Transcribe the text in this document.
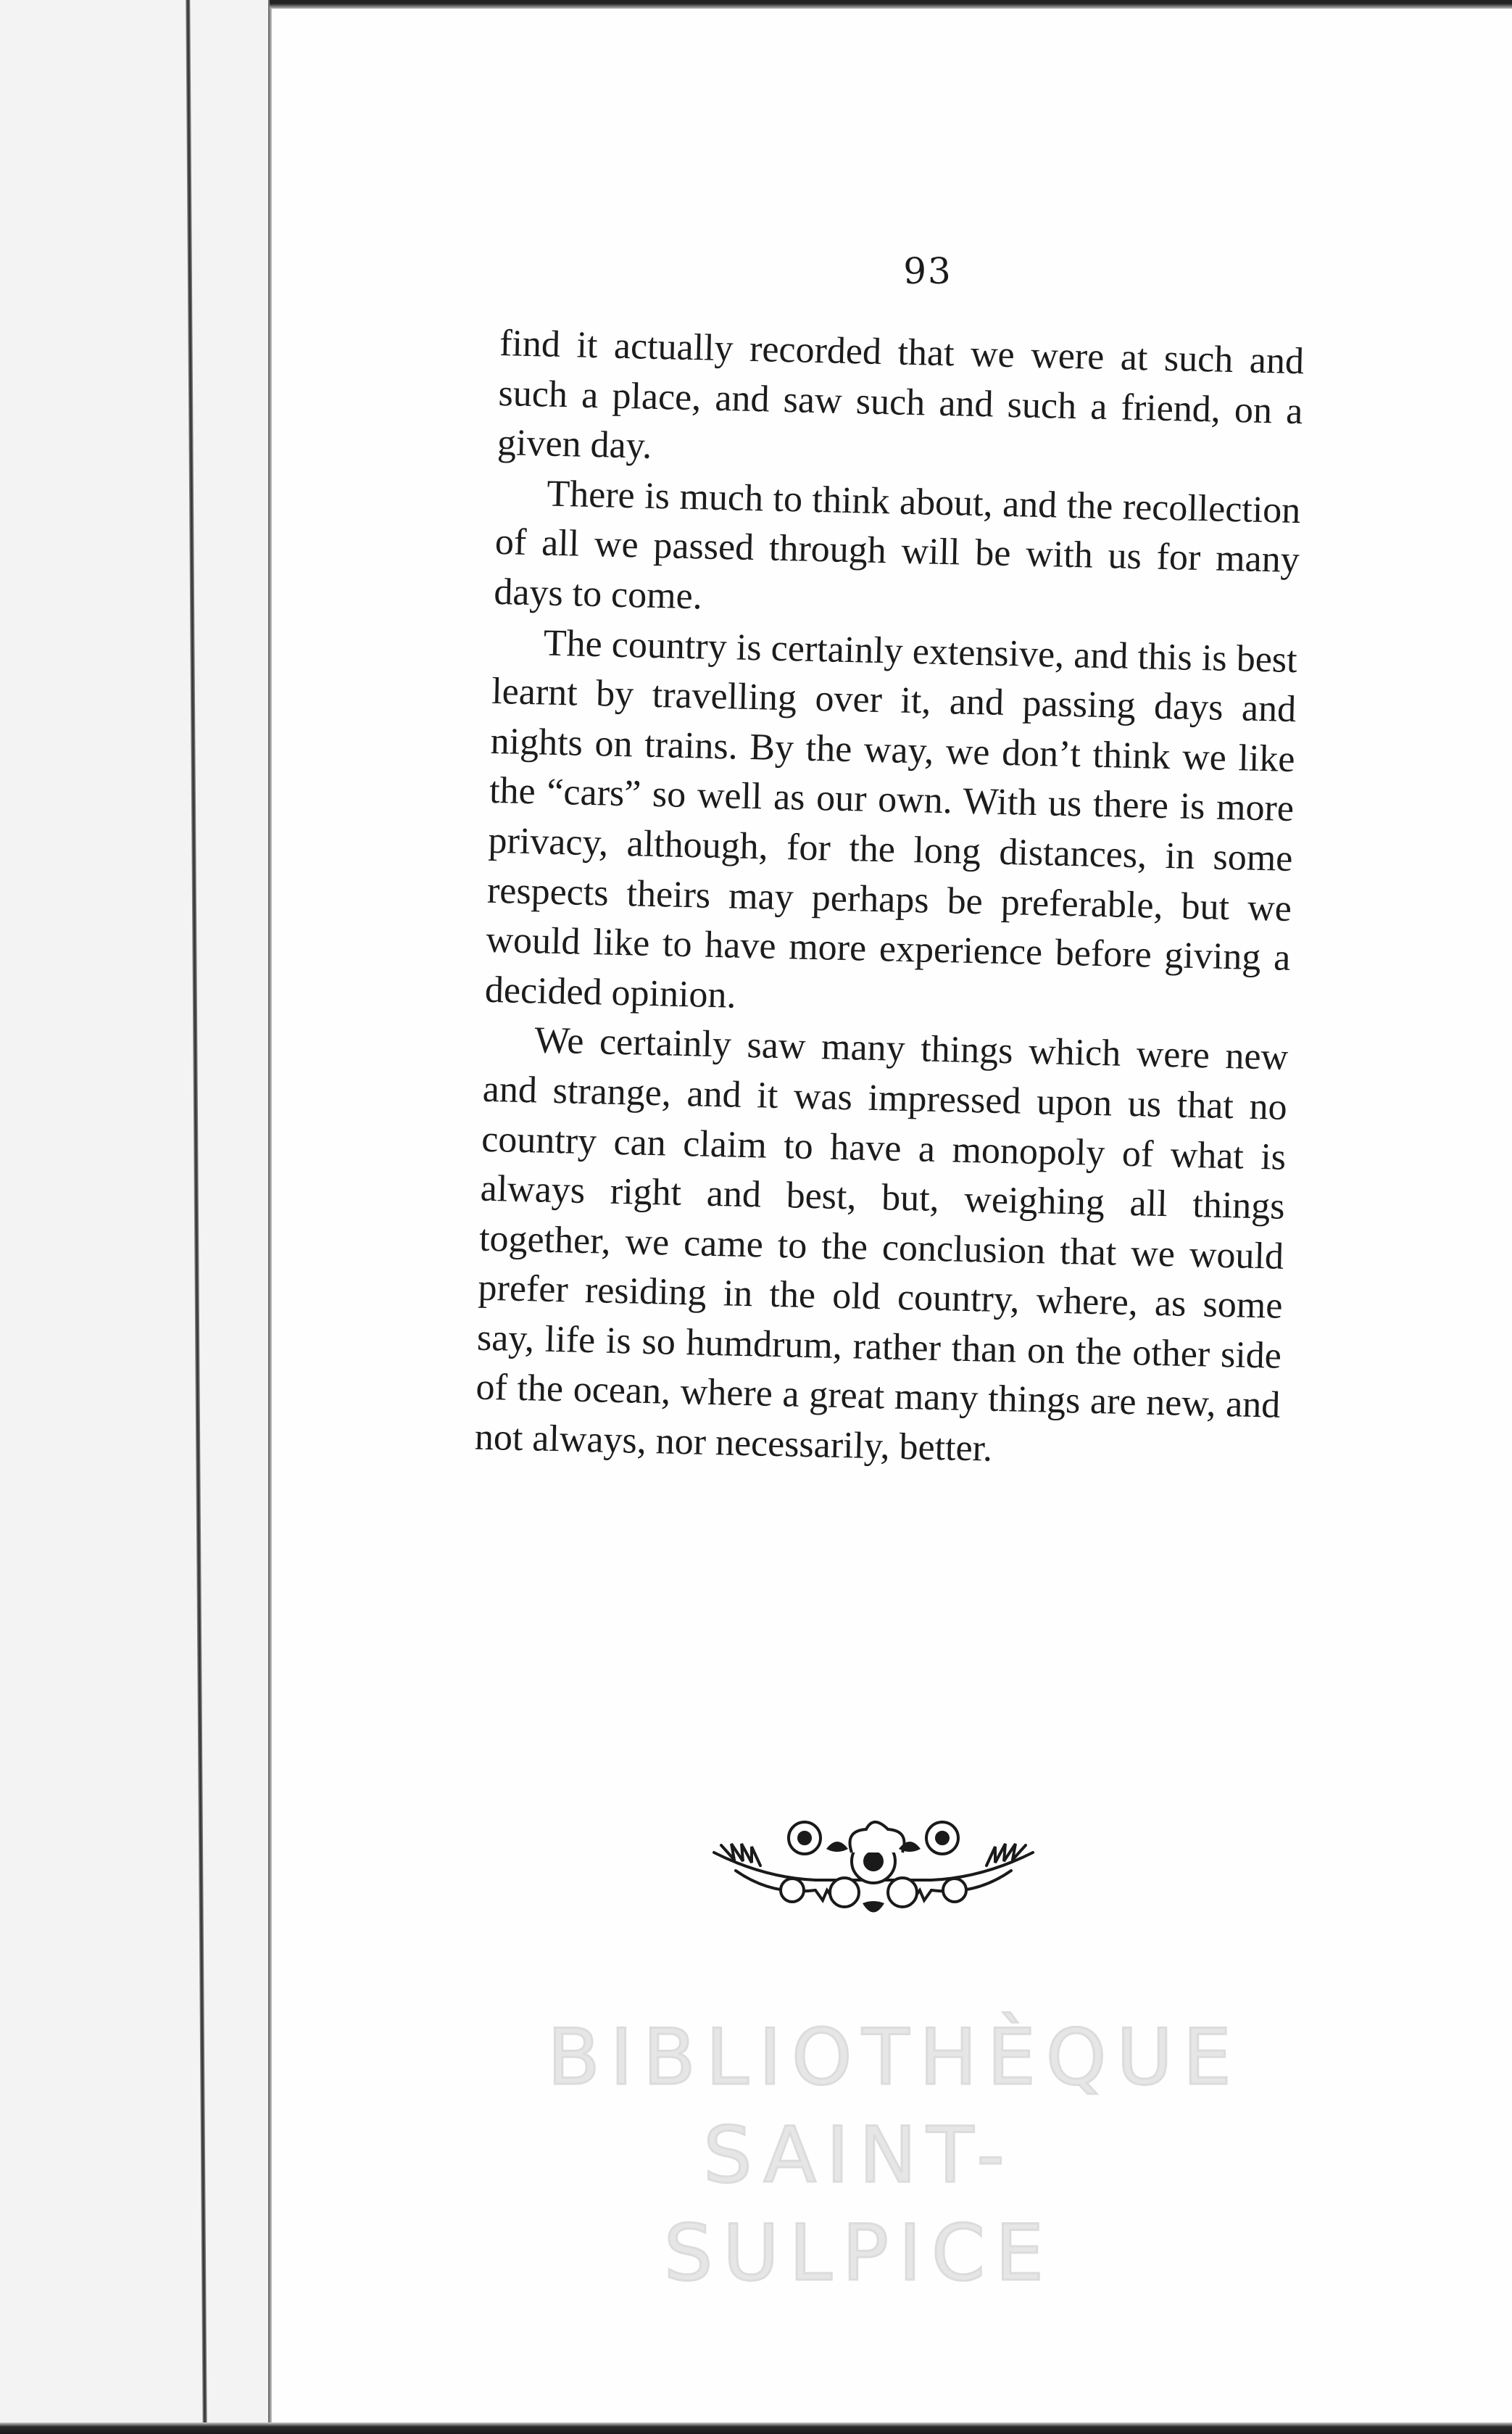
93

find it actually recorded that we were at such and such a place, and saw such and such a friend, on a given day.

There is much to think about, and the recollection of all we passed through will be with us for many days to come.

The country is certainly extensive, and this is best learnt by travelling over it, and passing days and nights on trains. By the way, we don’t think we like the “cars” so well as our own. With us there is more privacy, although, for the long distances, in some respects theirs may perhaps be preferable, but we would like to have more experience before giving a decided opinion.

We certainly saw many things which were new and strange, and it was impressed upon us that no country can claim to have a monopoly of what is always right and best, but, weighing all things together, we came to the conclusion that we would prefer residing in the old country, where, as some say, life is so humdrum, rather than on the other side of the ocean, where a great many things are new, and not always, nor necessarily, better.

BIBLIOTHÈQUE
SAINT-SULPICE
